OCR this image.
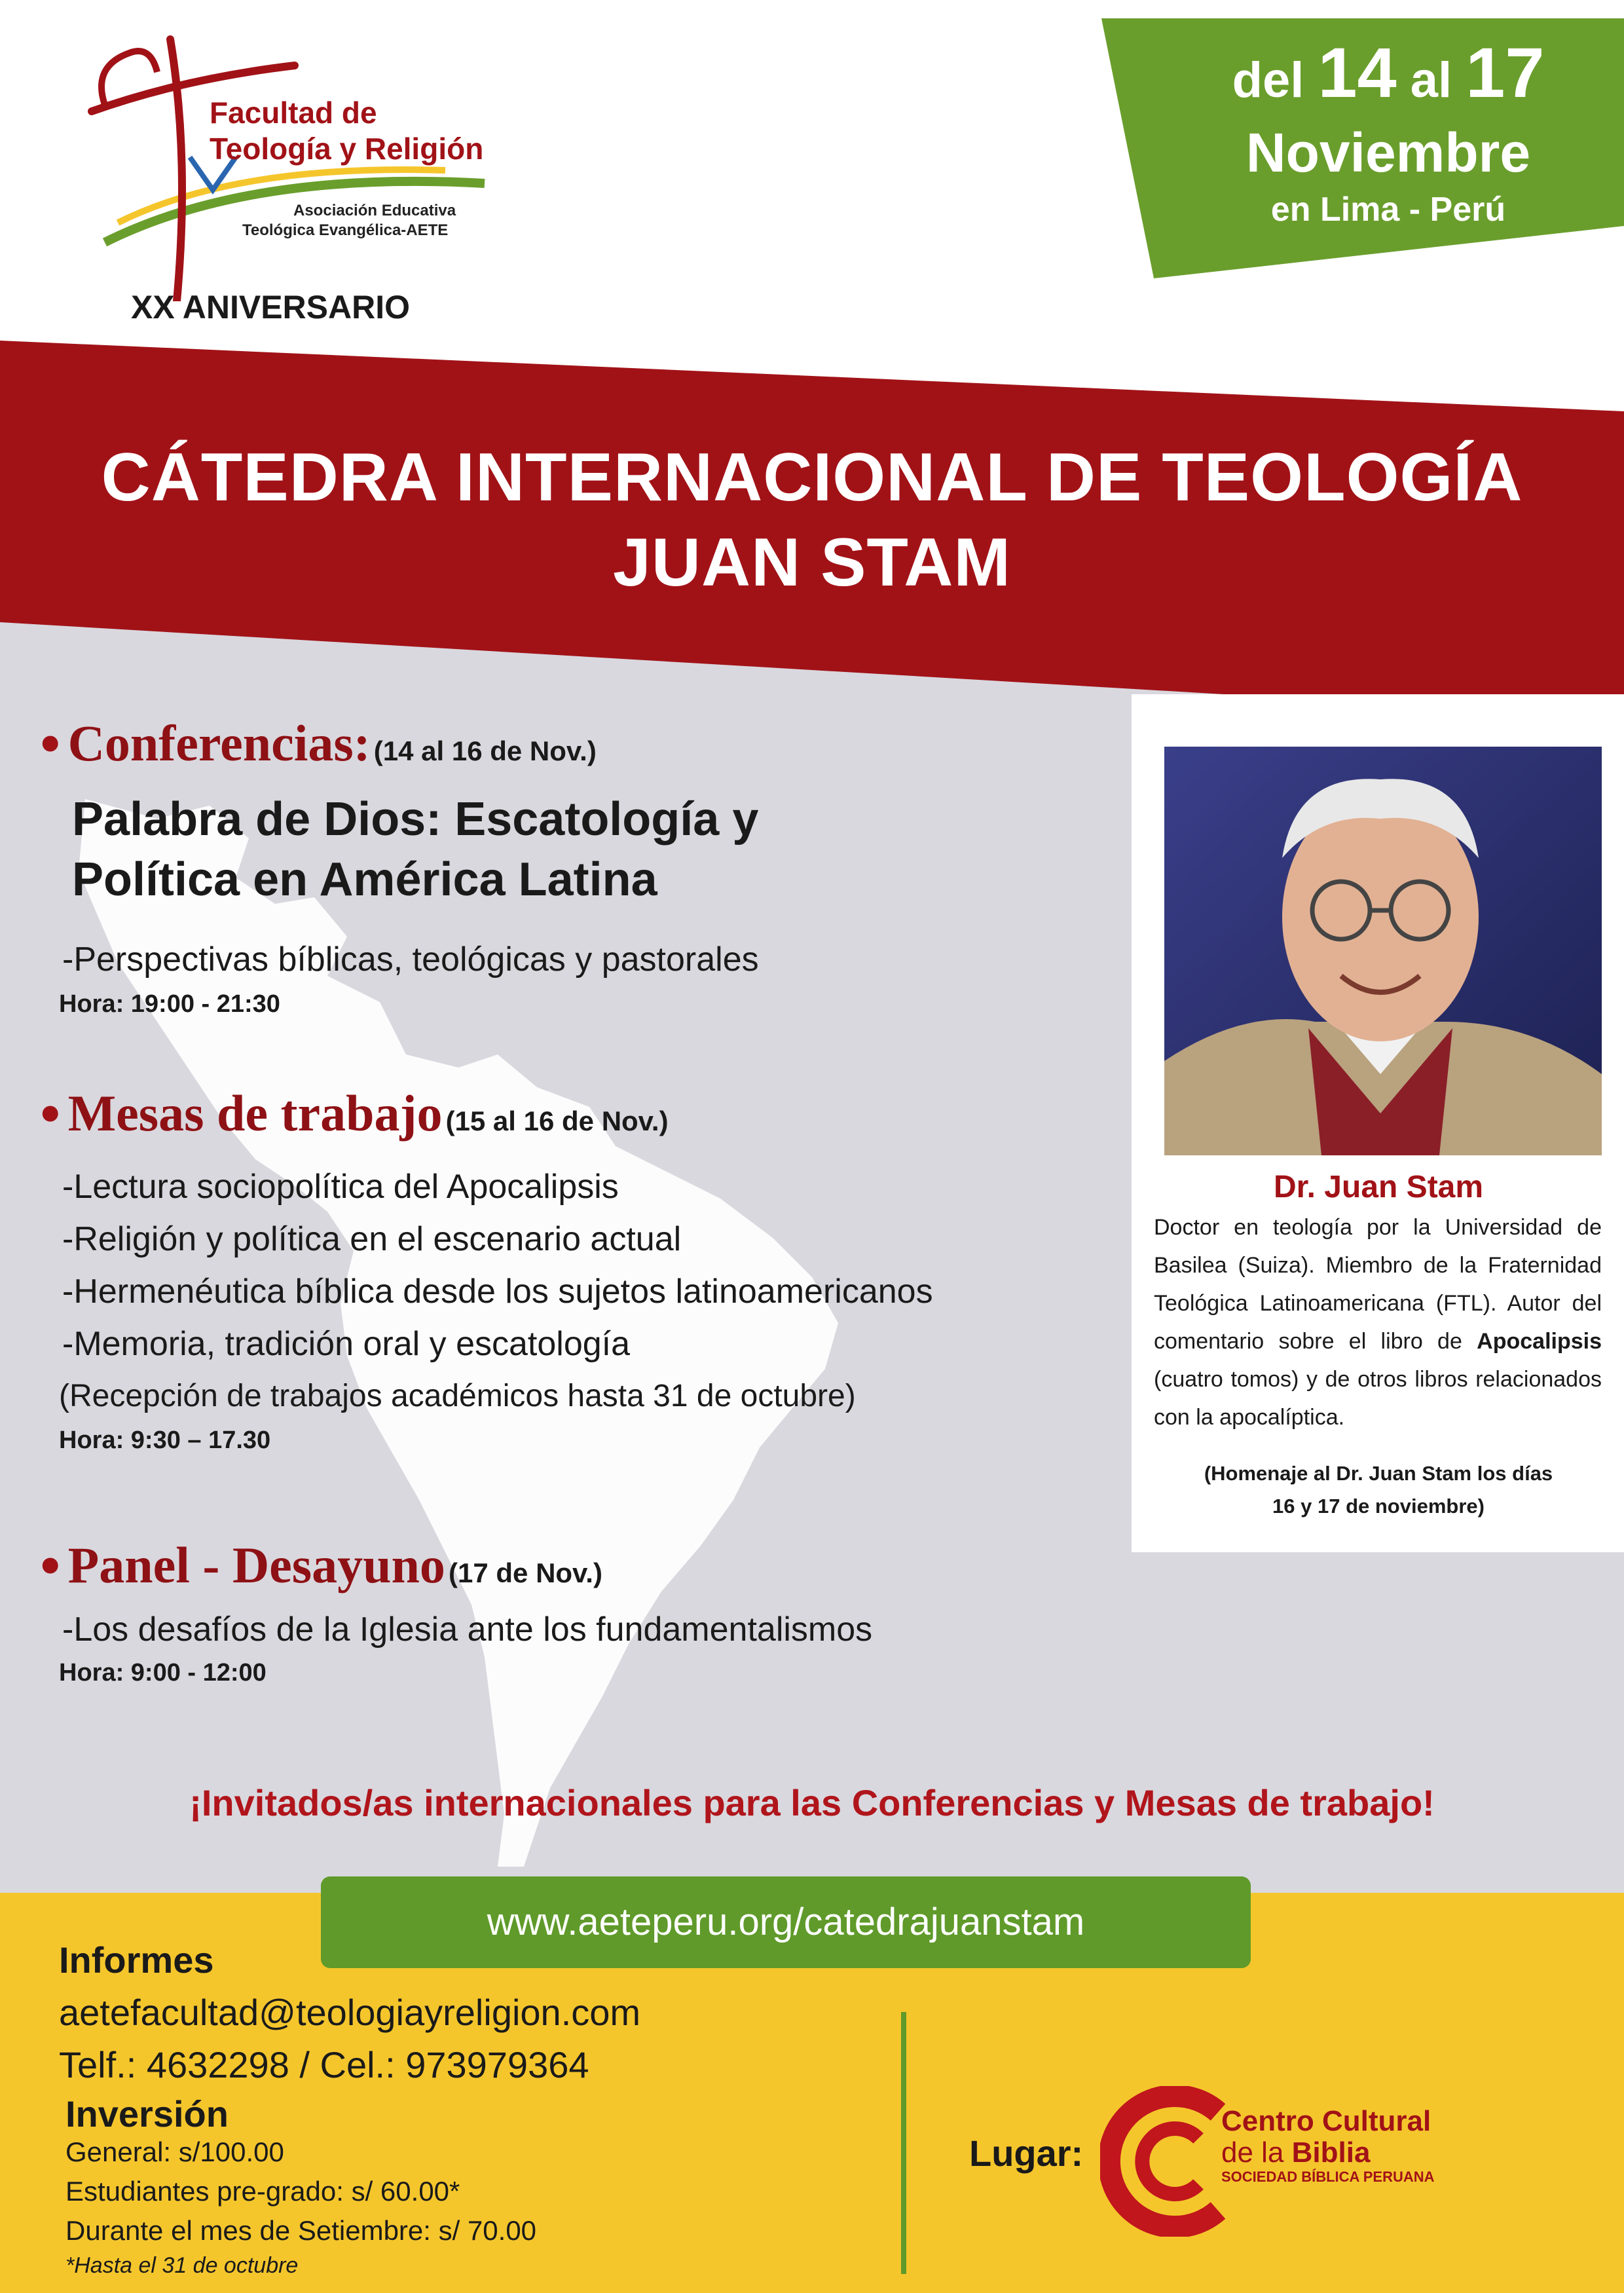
CÁTEDRA INTERNACIONAL DE TEOLOGÍA
JUAN STAM
del 14 al 17
Noviembre
en Lima - Perú
Facultad de
Teología y Religión
Asociación Educativa
Teológica Evangélica-AETE
XX ANIVERSARIO
• Conferencias: (14 al 16 de Nov.)
Palabra de Dios: Escatología y
Política en América Latina
-Perspectivas bíblicas, teológicas y pastorales
Hora: 19:00 - 21:30
• Mesas de trabajo (15 al 16 de Nov.)
-Lectura sociopolítica del Apocalipsis
-Religión y política en el escenario actual
-Hermenéutica bíblica desde los sujetos latinoamericanos
-Memoria, tradición oral y escatología
(Recepción de trabajos académicos hasta 31 de octubre)
Hora: 9:30 – 17.30
• Panel - Desayuno (17 de Nov.)
-Los desafíos de la Iglesia ante los fundamentalismos
Hora: 9:00 - 12:00
Dr. Juan Stam
Doctor en teología por la Universidad de Basilea (Suiza). Miembro de la Fraternidad Teológica Latinoamericana (FTL). Autor del comentario sobre el libro de Apocalipsis (cuatro tomos) y de otros libros relacionados con la apocalíptica.
(Homenaje al Dr. Juan Stam los días
16 y 17 de noviembre)
¡Invitados/as internacionales para las Conferencias y Mesas de trabajo!
www.aeteperu.org/catedrajuanstam
Informes
aetefacultad@teologiayreligion.com
Telf.: 4632298 / Cel.: 973979364
Inversión
General: s/100.00
Estudiantes pre-grado: s/ 60.00*
Durante el mes de Setiembre: s/ 70.00
*Hasta el 31 de octubre
Lugar:
Centro Cultural
de la Biblia
SOCIEDAD BÍBLICA PERUANA
